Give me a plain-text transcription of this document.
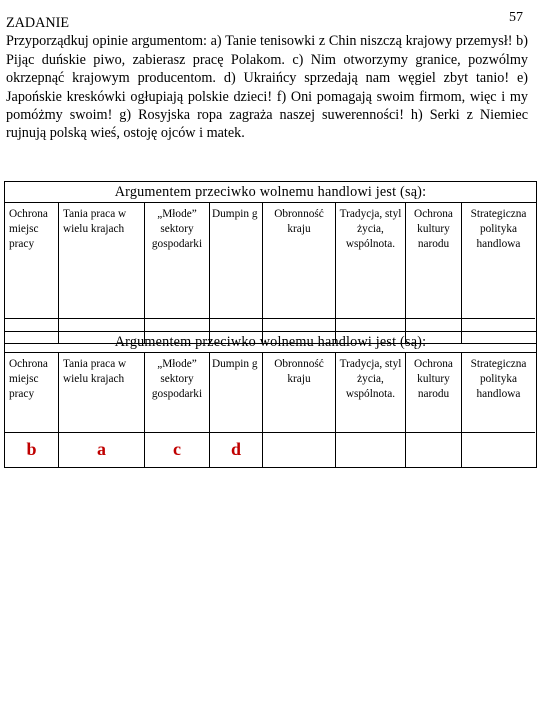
57
ZADANIE
Przyporządkuj opinie argumentom: a) Tanie tenisowki z Chin niszczą krajowy przemysł! b) Pijąc duńskie piwo, zabierasz pracę Polakom. c) Nim otworzymy granice, pozwólmy okrzepnąć krajowym producentom. d) Ukraińcy sprzedają nam węgiel zbyt tanio! e) Japońskie kreskówki ogłupiają polskie dzieci! f) Oni pomagają swoim firmom, więc i my pomóżmy swoim! g) Rosyjska ropa zagraża naszej suwerenności! h) Serki z Niemiec rujnują polską wieś, ostoję ojców i matek.
Argumentem przeciwko wolnemu handlowi jest (są):
Ochrona miejsc pracy
Tania praca w wielu krajach
„Młode” sektory gospodarki
Dumpin g	Obronność kraju
Tradycja, styl życia, wspólnota.
Ochrona kultury narodu
Strategiczna polityka handlowa
Argumentem przeciwko wolnemu handlowi jest (są):
Ochrona miejsc pracy
b
Tania praca w wielu krajach
a
„Młode” sektory gospodarki
c
Dumpin g
d
Obronność kraju
Tradycja, styl życia, wspólnota.
Ochrona kultury narodu
Strategiczna polityka handlowa
